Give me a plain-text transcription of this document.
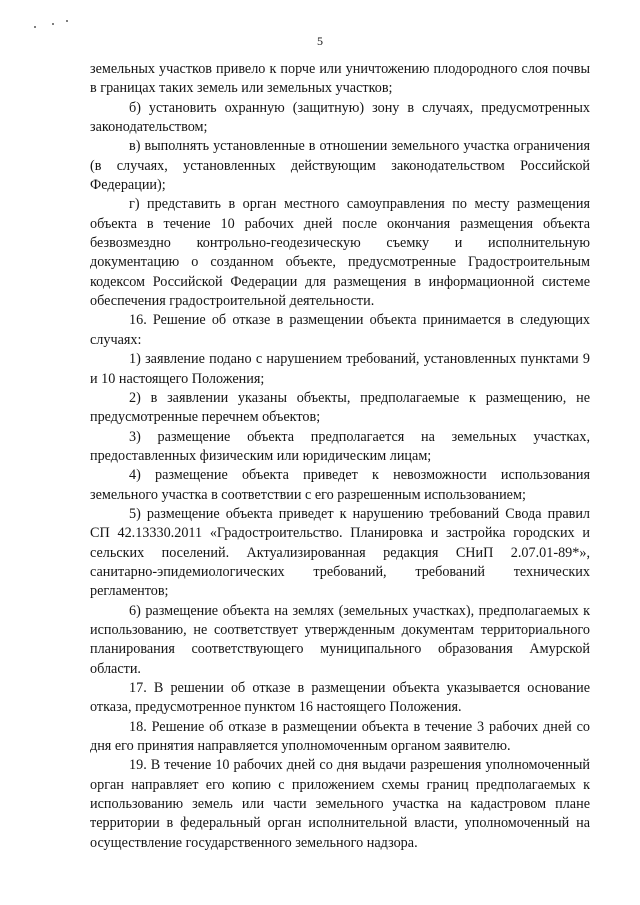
5

земельных участков привело к порче или уничтожению плодородного слоя почвы в границах таких земель или земельных участков;

б) установить охранную (защитную) зону в случаях, предусмотренных законодательством;

в) выполнять установленные в отношении земельного участка ограничения (в случаях, установленных действующим законодательством Российской Федерации);

г) представить в орган местного самоуправления по месту размещения объекта в течение 10 рабочих дней после окончания размещения объекта безвозмездно контрольно-геодезическую съемку и исполнительную документацию о созданном объекте, предусмотренные Градостроительным кодексом Российской Федерации для размещения в информационной системе обеспечения градостроительной деятельности.

16. Решение об отказе в размещении объекта принимается в следующих случаях:

1) заявление подано с нарушением требований, установленных пунктами 9 и 10 настоящего Положения;

2) в заявлении указаны объекты, предполагаемые к размещению, не предусмотренные перечнем объектов;

3) размещение объекта предполагается на земельных участках, предоставленных физическим или юридическим лицам;

4) размещение объекта приведет к невозможности использования земельного участка в соответствии с его разрешенным использованием;

5) размещение объекта приведет к нарушению требований Свода правил СП 42.13330.2011 «Градостроительство. Планировка и застройка городских и сельских поселений. Актуализированная редакция СНиП 2.07.01-89*», санитарно-эпидемиологических требований, требований технических регламентов;

6) размещение объекта на землях (земельных участках), предполагаемых к использованию, не соответствует утвержденным документам территориального планирования соответствующего муниципального образования Амурской области.

17. В решении об отказе в размещении объекта указывается основание отказа, предусмотренное пунктом 16 настоящего Положения.

18. Решение об отказе в размещении объекта в течение 3 рабочих дней со дня его принятия направляется уполномоченным органом заявителю.

19. В течение 10 рабочих дней со дня выдачи разрешения уполномоченный орган направляет его копию с приложением схемы границ предполагаемых к использованию земель или части земельного участка на кадастровом плане территории в федеральный орган исполнительной власти, уполномоченный на осуществление государственного земельного надзора.
